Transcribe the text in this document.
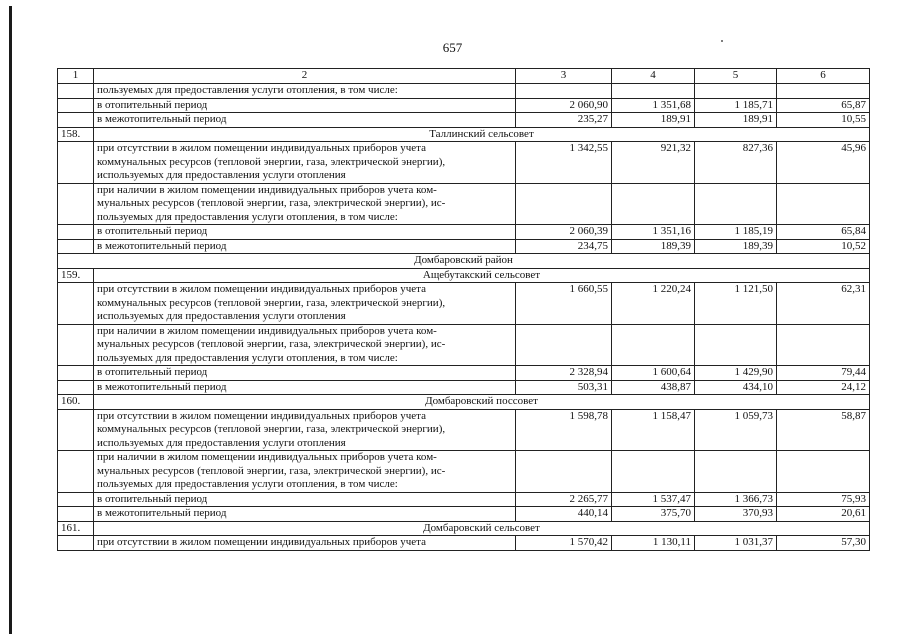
657
1	2	3	4	5	6

	пользуемых для предоставления услуги отопления, в том числе:				

	в отопительный период	2 060,90	1 351,68	1 185,71	65,87

	в межотопительный период	235,27	189,91	189,91	10,55
158.	Таллинский сельсовет				

	при отсутствии в жилом помещении индивидуальных приборов учета
коммунальных ресурсов (тепловой энергии, газа, электрической энергии),
используемых для предоставления услуги отопления	1 342,55	921,32	827,36	45,96

	при наличии в жилом помещении индивидуальных приборов учета ком-
мунальных ресурсов (тепловой энергии, газа, электрической энергии), ис-
пользуемых для предоставления услуги отопления, в том числе:				

	в отопительный период	2 060,39	1 351,16	1 185,19	65,84

	в межотопительный период	234,75	189,39	189,39	10,52
Домбаровский район					
159.	Ащебутакский сельсовет				

	при отсутствии в жилом помещении индивидуальных приборов учета
коммунальных ресурсов (тепловой энергии, газа, электрической энергии),
используемых для предоставления услуги отопления	1 660,55	1 220,24	1 121,50	62,31

	при наличии в жилом помещении индивидуальных приборов учета ком-
мунальных ресурсов (тепловой энергии, газа, электрической энергии), ис-
пользуемых для предоставления услуги отопления, в том числе:				

	в отопительный период	2 328,94	1 600,64	1 429,90	79,44

	в межотопительный период	503,31	438,87	434,10	24,12
160.	Домбаровский поссовет				

	при отсутствии в жилом помещении индивидуальных приборов учета
коммунальных ресурсов (тепловой энергии, газа, электрической энергии),
используемых для предоставления услуги отопления	1 598,78	1 158,47	1 059,73	58,87

	при наличии в жилом помещении индивидуальных приборов учета ком-
мунальных ресурсов (тепловой энергии, газа, электрической энергии), ис-
пользуемых для предоставления услуги отопления, в том числе:				

	в отопительный период	2 265,77	1 537,47	1 366,73	75,93

	в межотопительный период	440,14	375,70	370,93	20,61
161.	Домбаровский сельсовет				

	при отсутствии в жилом помещении индивидуальных приборов учета	1 570,42	1 130,11	1 031,37	57,30
